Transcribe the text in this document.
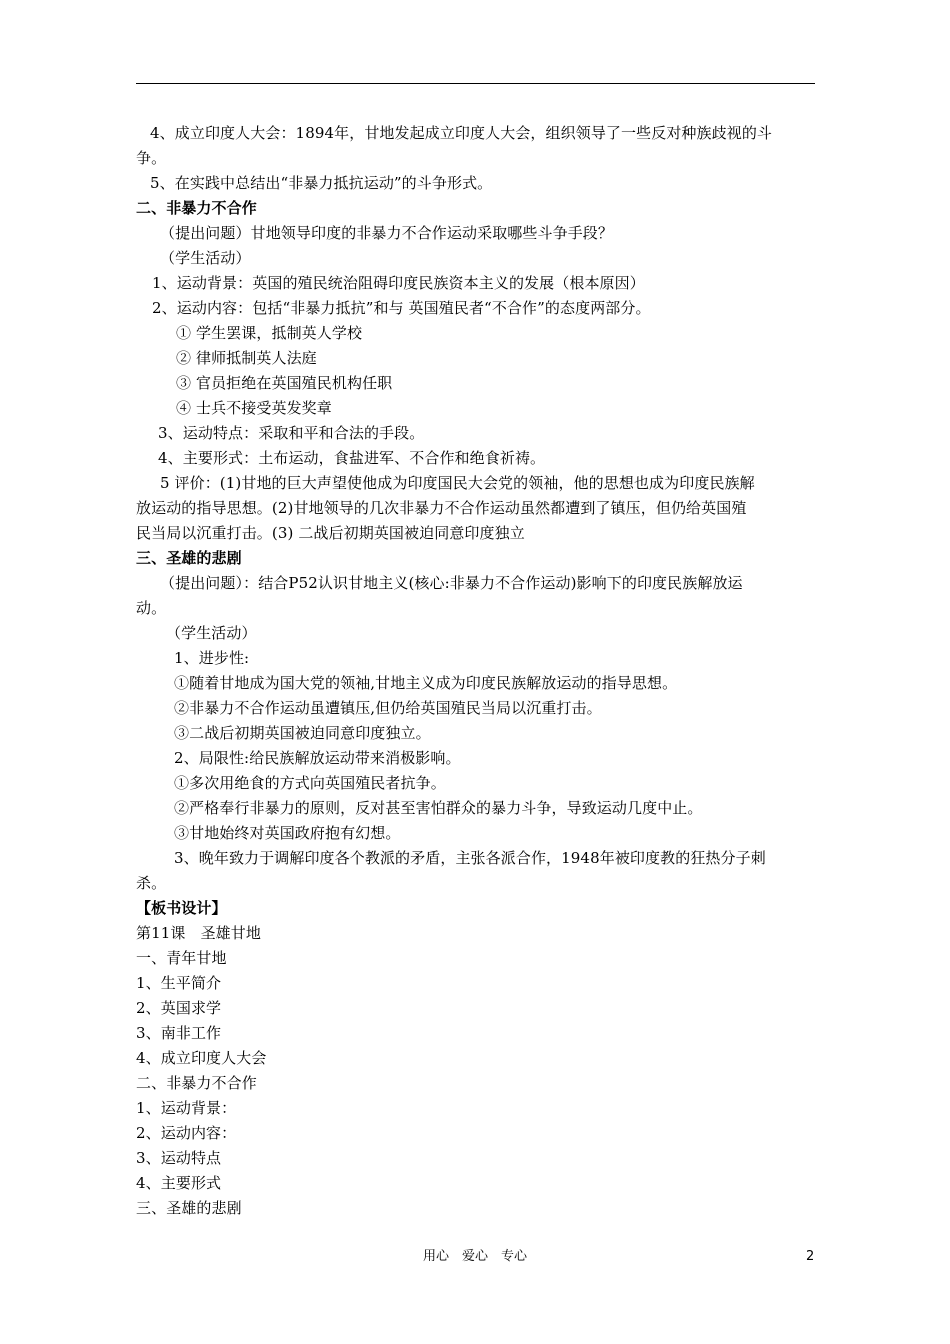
4、成立印度人大会：1894年，甘地发起成立印度人大会，组织领导了一些反对种族歧视的斗
争。
5、在实践中总结出“非暴力抵抗运动”的斗争形式。
二、非暴力不合作
（提出问题）甘地领导印度的非暴力不合作运动采取哪些斗争手段？
（学生活动）
1、运动背景：英国的殖民统治阻碍印度民族资本主义的发展（根本原因）
2、运动内容：包括“非暴力抵抗”和与 英国殖民者“不合作”的态度两部分。
① 学生罢课，抵制英人学校
② 律师抵制英人法庭
③ 官员拒绝在英国殖民机构任职
④ 士兵不接受英发奖章
3、运动特点：采取和平和合法的手段。
4、主要形式：土布运动，食盐进军、不合作和绝食祈祷。
5 评价：(1)甘地的巨大声望使他成为印度国民大会党的领袖，他的思想也成为印度民族解
放运动的指导思想。(2)甘地领导的几次非暴力不合作运动虽然都遭到了镇压，但仍给英国殖
民当局以沉重打击。(3) 二战后初期英国被迫同意印度独立
三、圣雄的悲剧
（提出问题）：结合P52认识甘地主义(核心:非暴力不合作运动)影响下的印度民族解放运
动。
（学生活动）
1、进步性:
①随着甘地成为国大党的领袖,甘地主义成为印度民族解放运动的指导思想。
②非暴力不合作运动虽遭镇压,但仍给英国殖民当局以沉重打击。
③二战后初期英国被迫同意印度独立。
2、局限性:给民族解放运动带来消极影响。
①多次用绝食的方式向英国殖民者抗争。
②严格奉行非暴力的原则，反对甚至害怕群众的暴力斗争，导致运动几度中止。
③甘地始终对英国政府抱有幻想。
3、晚年致力于调解印度各个教派的矛盾，主张各派合作，1948年被印度教的狂热分子刺
杀。
【板书设计】
第11课　圣雄甘地
一、青年甘地
1、生平简介
2、英国求学
3、南非工作
4、成立印度人大会
二、非暴力不合作
1、运动背景：
2、运动内容：
3、运动特点
4、主要形式
三、圣雄的悲剧
用心　爱心　专心	2
